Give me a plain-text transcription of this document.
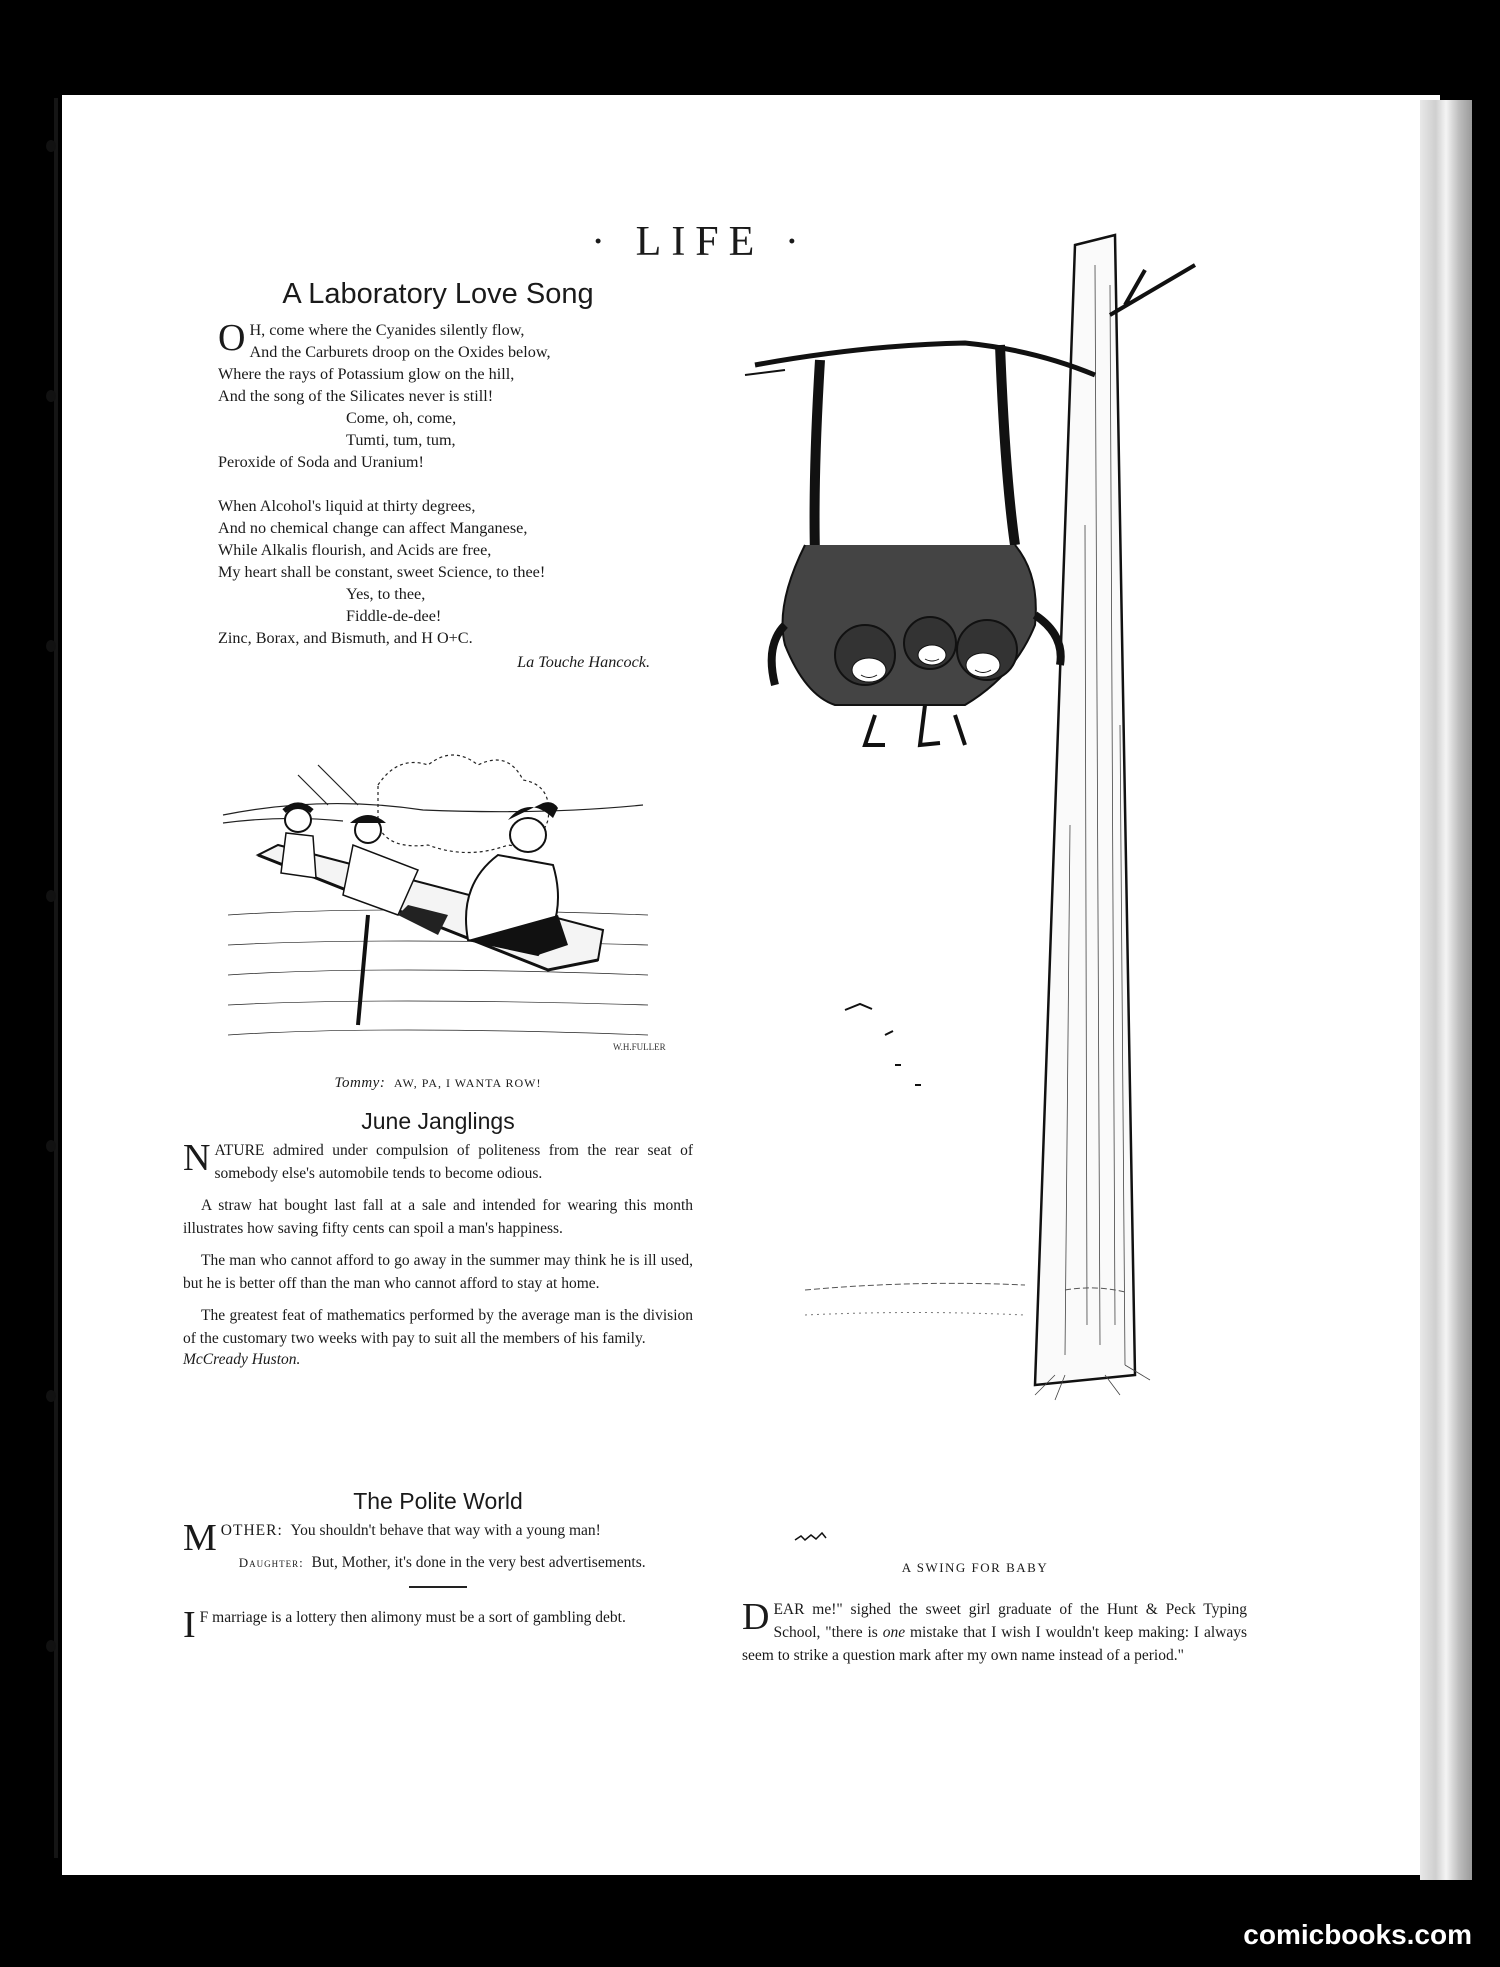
· LIFE ·
A Laboratory Love Song

O H, come where the Cyanides silently flow,

And the Carburets droop on the Oxides below,

Where the rays of Potassium glow on the hill,

And the song of the Silicates never is still!

Come, oh, come,

Tumti, tum, tum,

Peroxide of Soda and Uranium!

When Alcohol's liquid at thirty degrees,

And no chemical change can affect Manganese,

While Alkalis flourish, and Acids are free,

My heart shall be constant, sweet Science, to thee!

Yes, to thee,

Fiddle-de-dee!

Zinc, Borax, and Bismuth, and H O+C.

La Touche Hancock.

W.H.FULLER
Tommy: AW, PA, I WANTA ROW!
June Janglings

NATURE admired under compulsion of politeness from the rear seat of somebody else's automobile tends to become odious.

A straw hat bought last fall at a sale and intended for wearing this month illustrates how saving fifty cents can spoil a man's happiness.

The man who cannot afford to go away in the summer may think he is ill used, but he is better off than the man who cannot afford to stay at home.

The greatest feat of mathematics performed by the average man is the division of the customary two weeks with pay to suit all the members of his family.

McCready Huston.

The Polite World

MOTHER: You shouldn't behave that way with a young man!

Daughter: But, Mother, it's done in the very best advertisements.

I F marriage is a lottery then alimony must be a sort of gambling debt.

A SWING FOR BABY

DEAR me!" sighed the sweet girl graduate of the Hunt & Peck Typing School, "there is one mistake that I wish I wouldn't keep making: I always seem to strike a question mark after my own name instead of a period."

comicbooks.com
